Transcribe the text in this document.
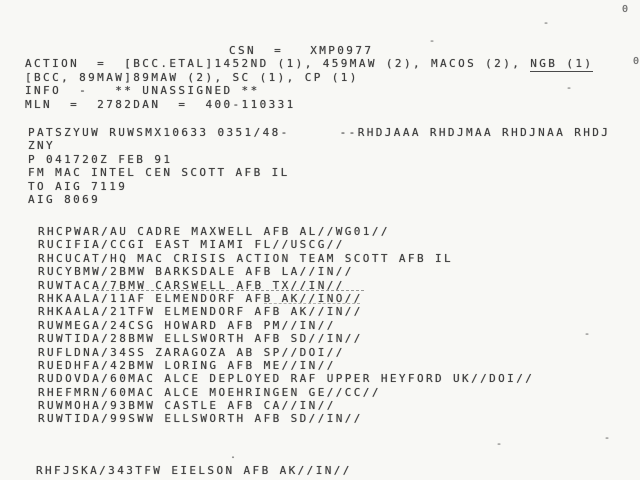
CSN  =   XMP0977
ACTION  =  [BCC.ETAL]1452ND (1), 459MAW (2), MACOS (2), NGB (1)
[BCC, 89MAW]89MAW (2), SC (1), CP (1)
INFO  -   ** UNASSIGNED **
MLN  =  2782DAN  =  400-110331
PATSZYUW RUWSMX10633 0351/48-	--RHDJAAA RHDJMAA RHDJNAA RHDJ
ZNY
P 041720Z FEB 91
FM MAC INTEL CEN SCOTT AFB IL
TO AIG 7119
AIG 8069
RHCPWAR/AU CADRE MAXWELL AFB AL//WG01//
RUCIFIA/CCGI EAST MIAMI FL//USCG//
RHCUCAT/HQ MAC CRISIS ACTION TEAM SCOTT AFB IL
RUCYBMW/2BMW BARKSDALE AFB LA//IN//
RUWTACA/7BMW CARSWELL AFB TX//IN//
RHKAALA/11AF ELMENDORF AFB AK//INO//
RHKAALA/21TFW ELMENDORF AFB AK//IN//
RUWMEGA/24CSG HOWARD AFB PM//IN//
RUWTIDA/28BMW ELLSWORTH AFB SD//IN//
RUFLDNA/34SS ZARAGOZA AB SP//DOI//
RUEDHFA/42BMW LORING AFB ME//IN//
RUDOVDA/60MAC ALCE DEPLOYED RAF UPPER HEYFORD UK//DOI//
RHEFMRN/60MAC ALCE MOEHRINGEN GE//CC//
RUWMOHA/93BMW CASTLE AFB CA//IN//
RUWTIDA/99SWW ELLSWORTH AFB SD//IN//
RHFJSKA/343TFW EIELSON AFB AK//IN//
0
0
-
-
-
-
-
-
.
